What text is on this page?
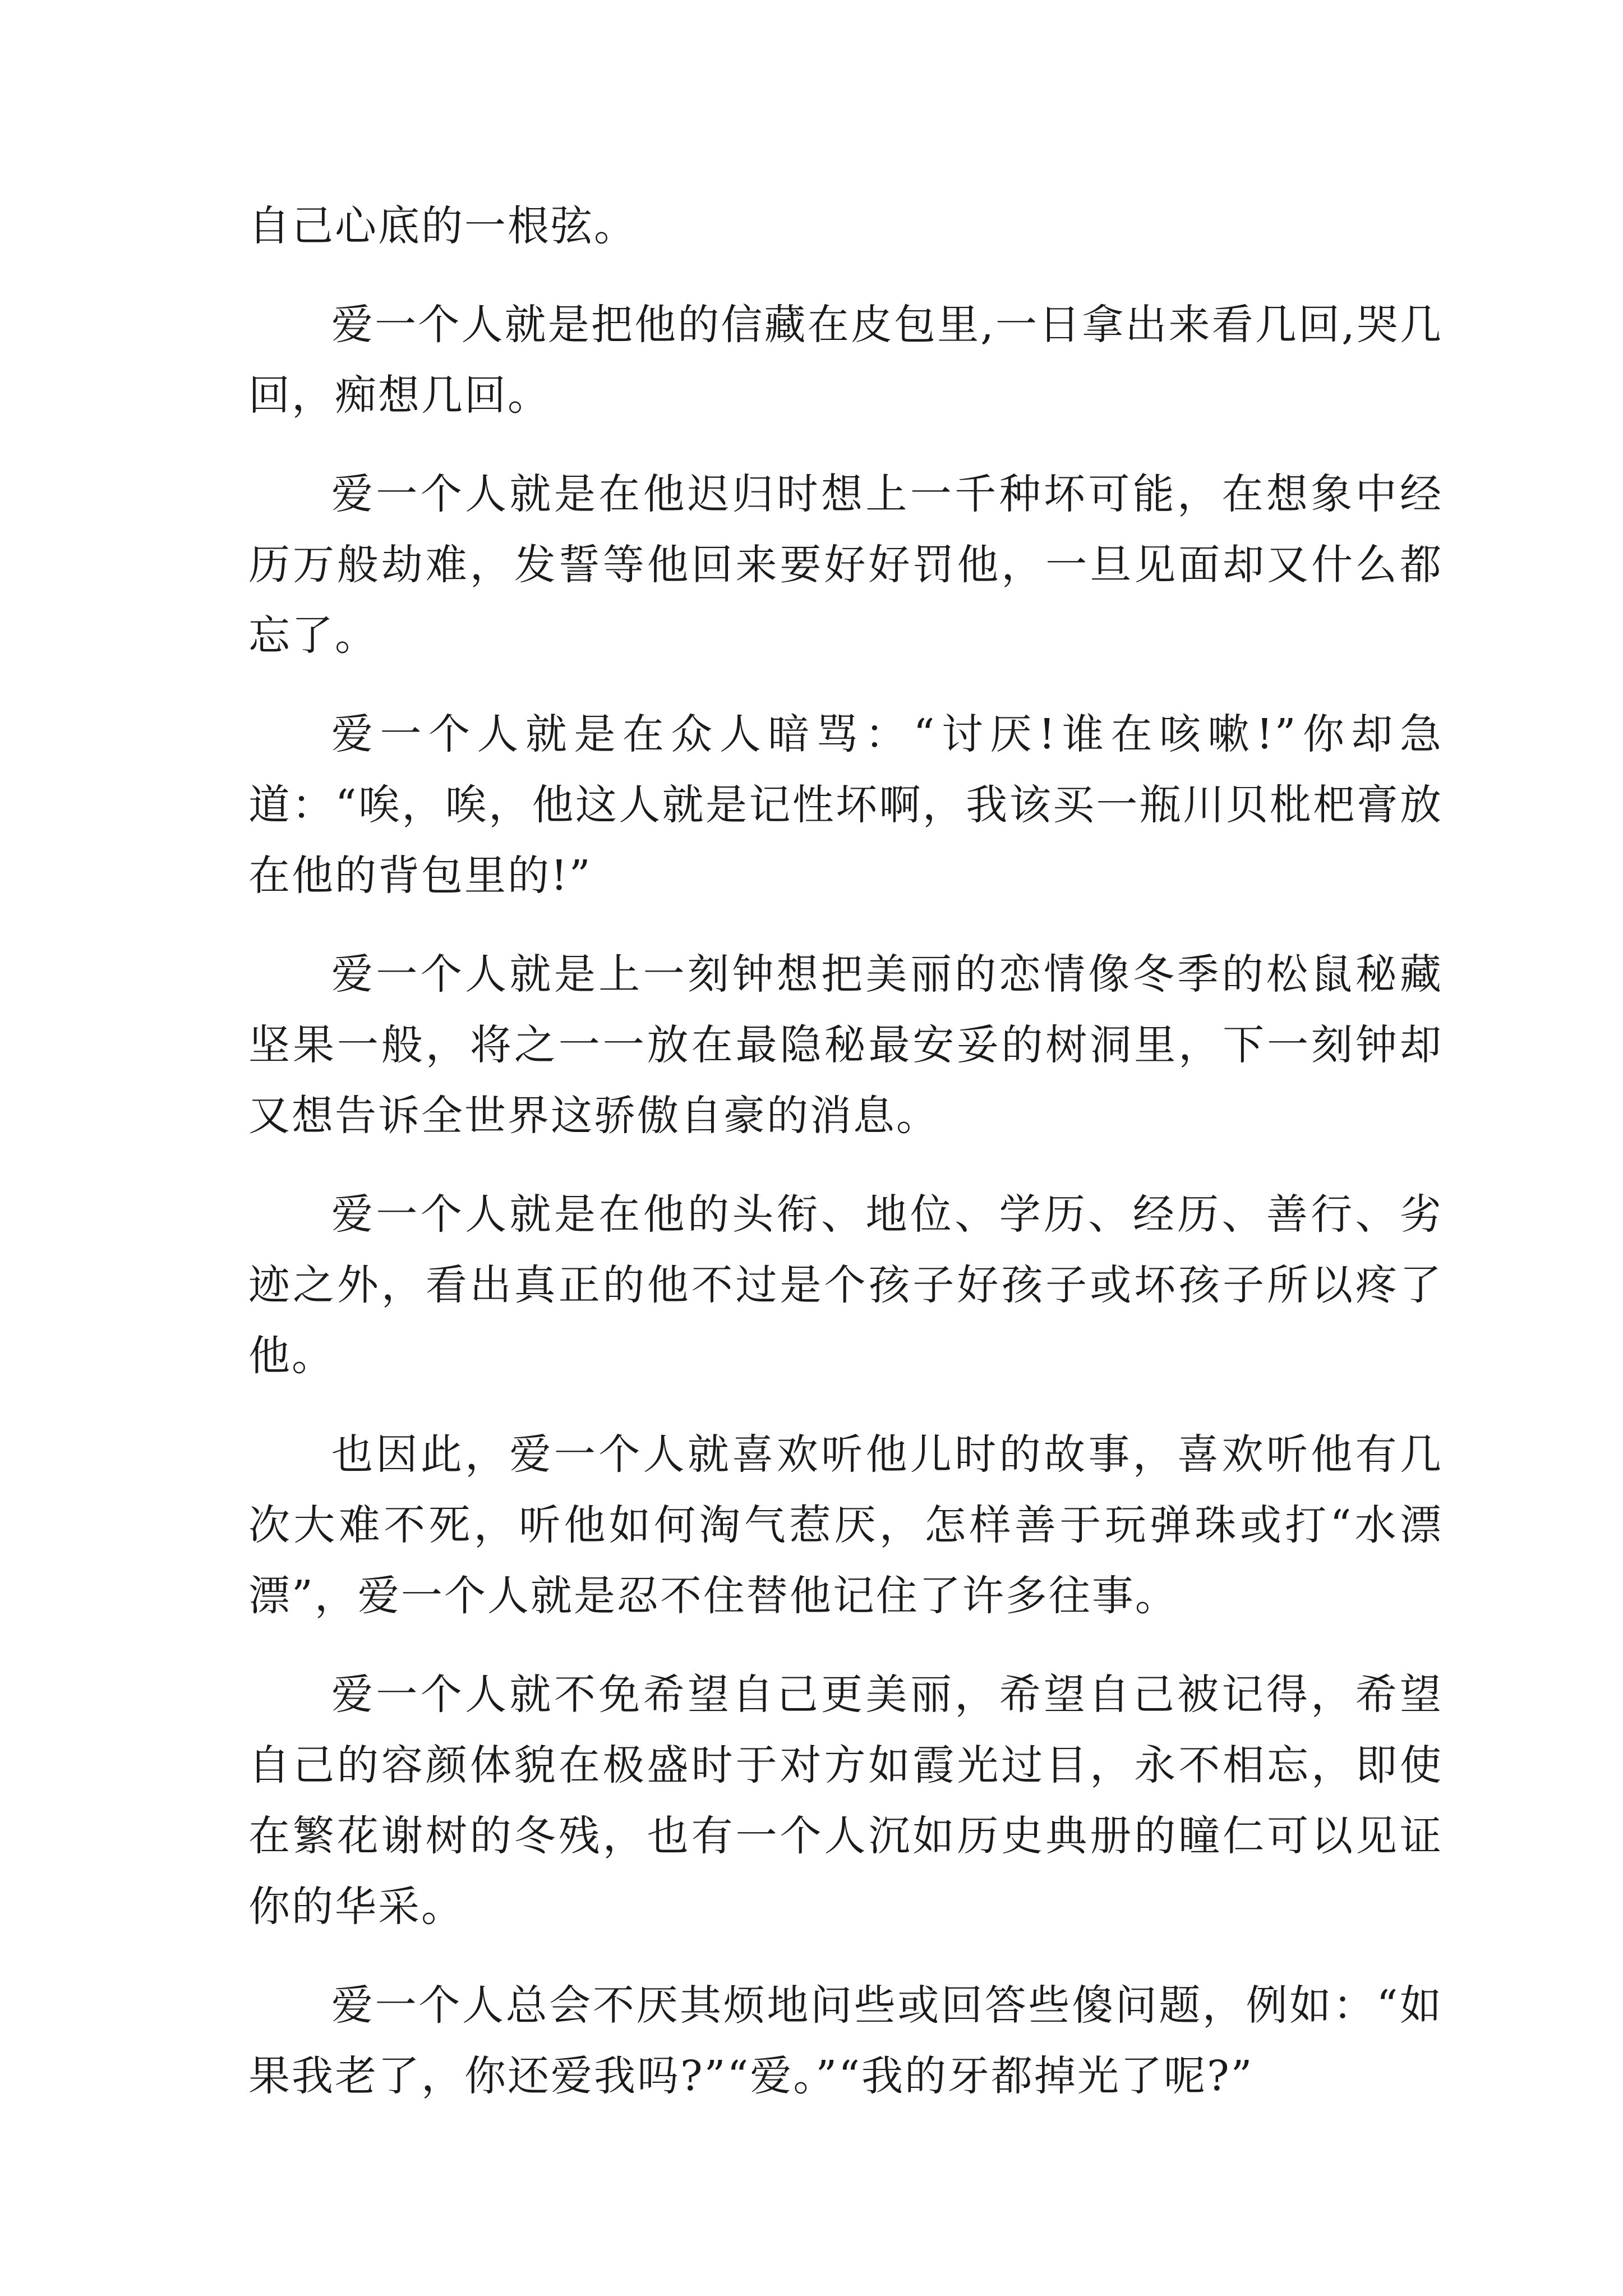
自己心底的一根弦。

爱一个人就是把他的信藏在皮包里,一日拿出来看几回,哭几回，痴想几回。

爱一个人就是在他迟归时想上一千种坏可能，在想象中经历万般劫难，发誓等他回来要好好罚他，一旦见面却又什么都忘了。

爱一个人就是在众人暗骂：“讨厌!谁在咳嗽!”你却急道：“唉，唉，他这人就是记性坏啊，我该买一瓶川贝枇杷膏放在他的背包里的!”

爱一个人就是上一刻钟想把美丽的恋情像冬季的松鼠秘藏坚果一般，将之一一放在最隐秘最安妥的树洞里，下一刻钟却又想告诉全世界这骄傲自豪的消息。

爱一个人就是在他的头衔、地位、学历、经历、善行、劣迹之外，看出真正的他不过是个孩子好孩子或坏孩子所以疼了他。

也因此，爱一个人就喜欢听他儿时的故事，喜欢听他有几次大难不死，听他如何淘气惹厌，怎样善于玩弹珠或打“水漂漂”，爱一个人就是忍不住替他记住了许多往事。

爱一个人就不免希望自己更美丽，希望自己被记得，希望自己的容颜体貌在极盛时于对方如霞光过目，永不相忘，即使在繁花谢树的冬残，也有一个人沉如历史典册的瞳仁可以见证你的华采。

爱一个人总会不厌其烦地问些或回答些傻问题，例如：“如果我老了，你还爱我吗?”“爱。”“我的牙都掉光了呢?”
